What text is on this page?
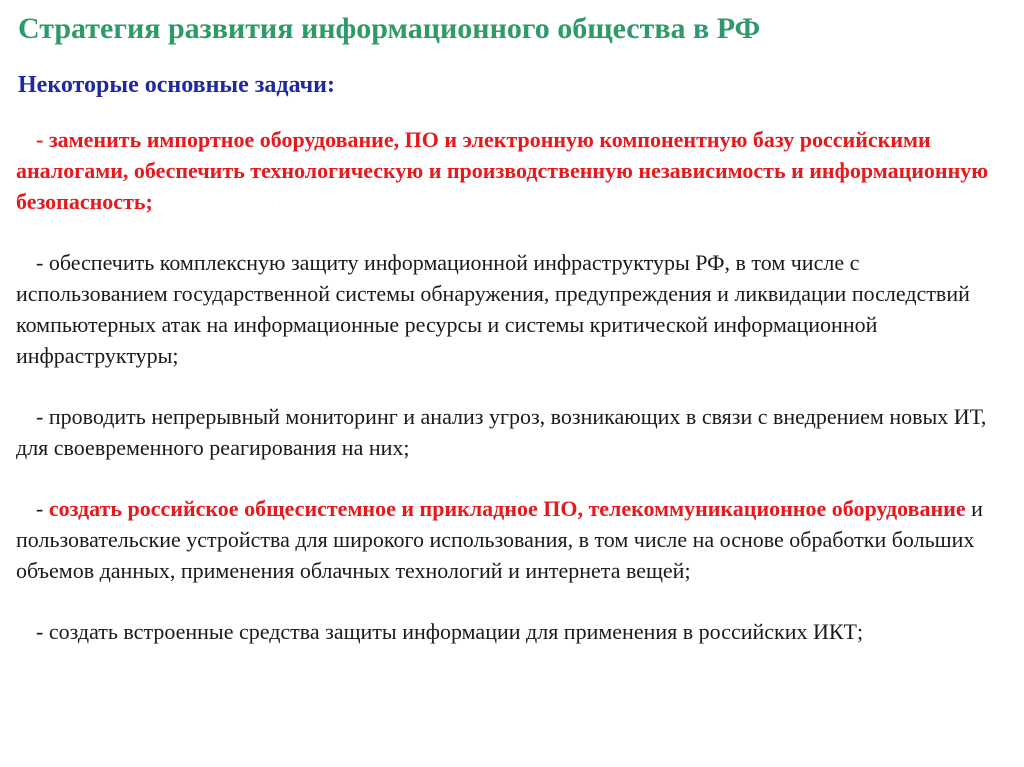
Стратегия развития информационного общества в РФ
Некоторые основные задачи:

- заменить импортное оборудование, ПО и электронную компонентную базу российскими аналогами, обеспечить технологическую и производственную независимость и информационную безопасность;

- обеспечить комплексную защиту информационной инфраструктуры РФ, в том числе с использованием государственной системы обнаружения, предупреждения и ликвидации последствий компьютерных атак на информационные ресурсы и системы критической информационной инфраструктуры;

- проводить непрерывный мониторинг и анализ угроз, возникающих в связи с внедрением новых ИТ, для своевременного реагирования на них;

- создать российское общесистемное и прикладное ПО, телекоммуникационное оборудование и пользовательские устройства для широкого использования, в том числе на основе обработки больших объемов данных, применения облачных технологий и интернета вещей;

- создать встроенные средства защиты информации для применения в российских ИКТ;
